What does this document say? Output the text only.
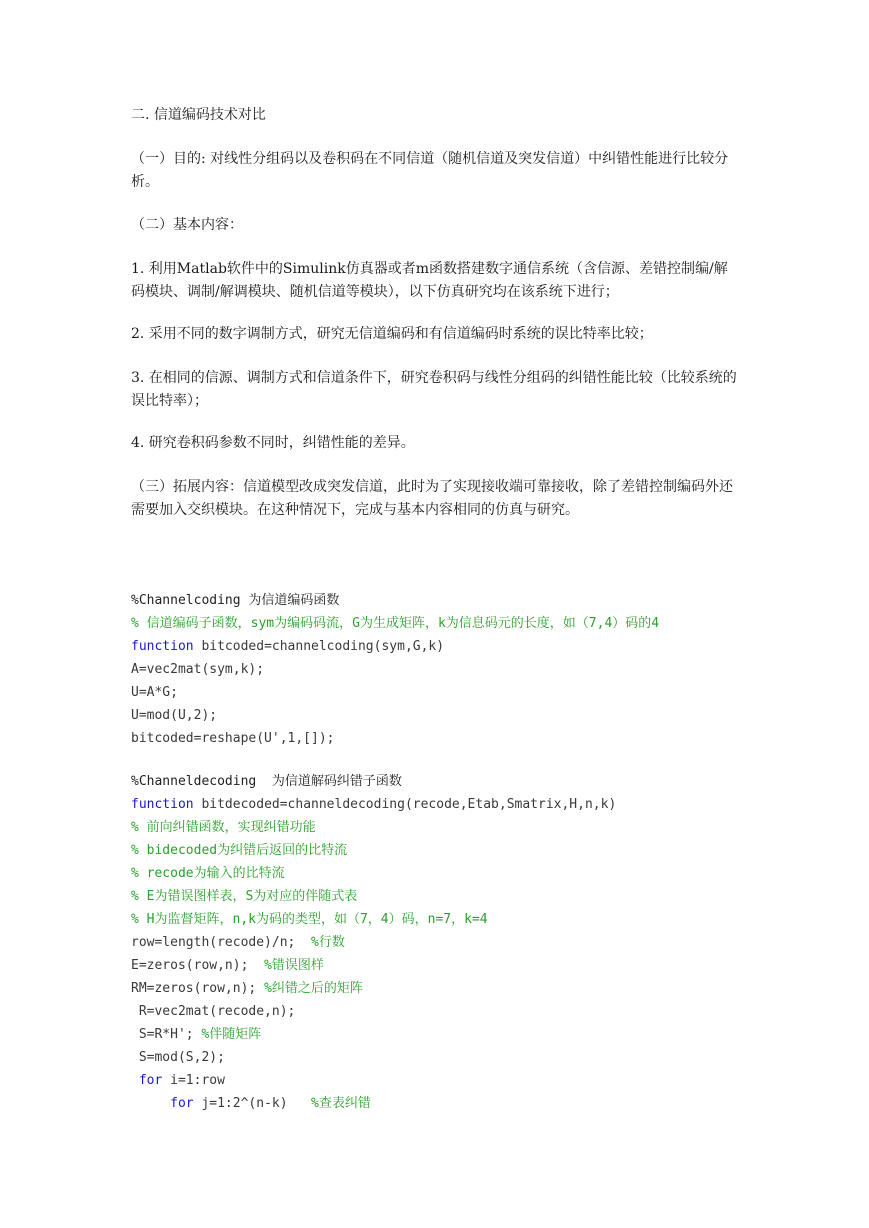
二. 信道编码技术对比

（一）目的: 对线性分组码以及卷积码在不同信道（随机信道及突发信道）中纠错性能进行比较分析。

（二）基本内容：

1. 利用Matlab软件中的Simulink仿真器或者m函数搭建数字通信系统（含信源、差错控制编/解码模块、调制/解调模块、随机信道等模块），以下仿真研究均在该系统下进行；

2. 采用不同的数字调制方式，研究无信道编码和有信道编码时系统的误比特率比较；

3. 在相同的信源、调制方式和信道条件下，研究卷积码与线性分组码的纠错性能比较（比较系统的误比特率）；

4. 研究卷积码参数不同时，纠错性能的差异。

（三）拓展内容：信道模型改成突发信道，此时为了实现接收端可靠接收，除了差错控制编码外还需要加入交织模块。在这种情况下，完成与基本内容相同的仿真与研究。

%Channelcoding 为信道编码函数
% 信道编码子函数，sym为编码码流，G为生成矩阵，k为信息码元的长度，如（7,4）码的4
function bitcoded=channelcoding(sym,G,k)
A=vec2mat(sym,k);
U=A*G;
U=mod(U,2);
bitcoded=reshape(U',1,[]);
%Channeldecoding  为信道解码纠错子函数
function bitdecoded=channeldecoding(recode,Etab,Smatrix,H,n,k)
% 前向纠错函数，实现纠错功能
% bidecoded为纠错后返回的比特流
% recode为输入的比特流
% E为错误图样表，S为对应的伴随式表
% H为监督矩阵，n,k为码的类型，如（7，4）码，n=7，k=4
row=length(recode)/n;  %行数
E=zeros(row,n);  %错误图样
RM=zeros(row,n); %纠错之后的矩阵
R=vec2mat(recode,n);
S=R*H'; %伴随矩阵
S=mod(S,2);
for i=1:row
for j=1:2^(n-k)   %查表纠错
